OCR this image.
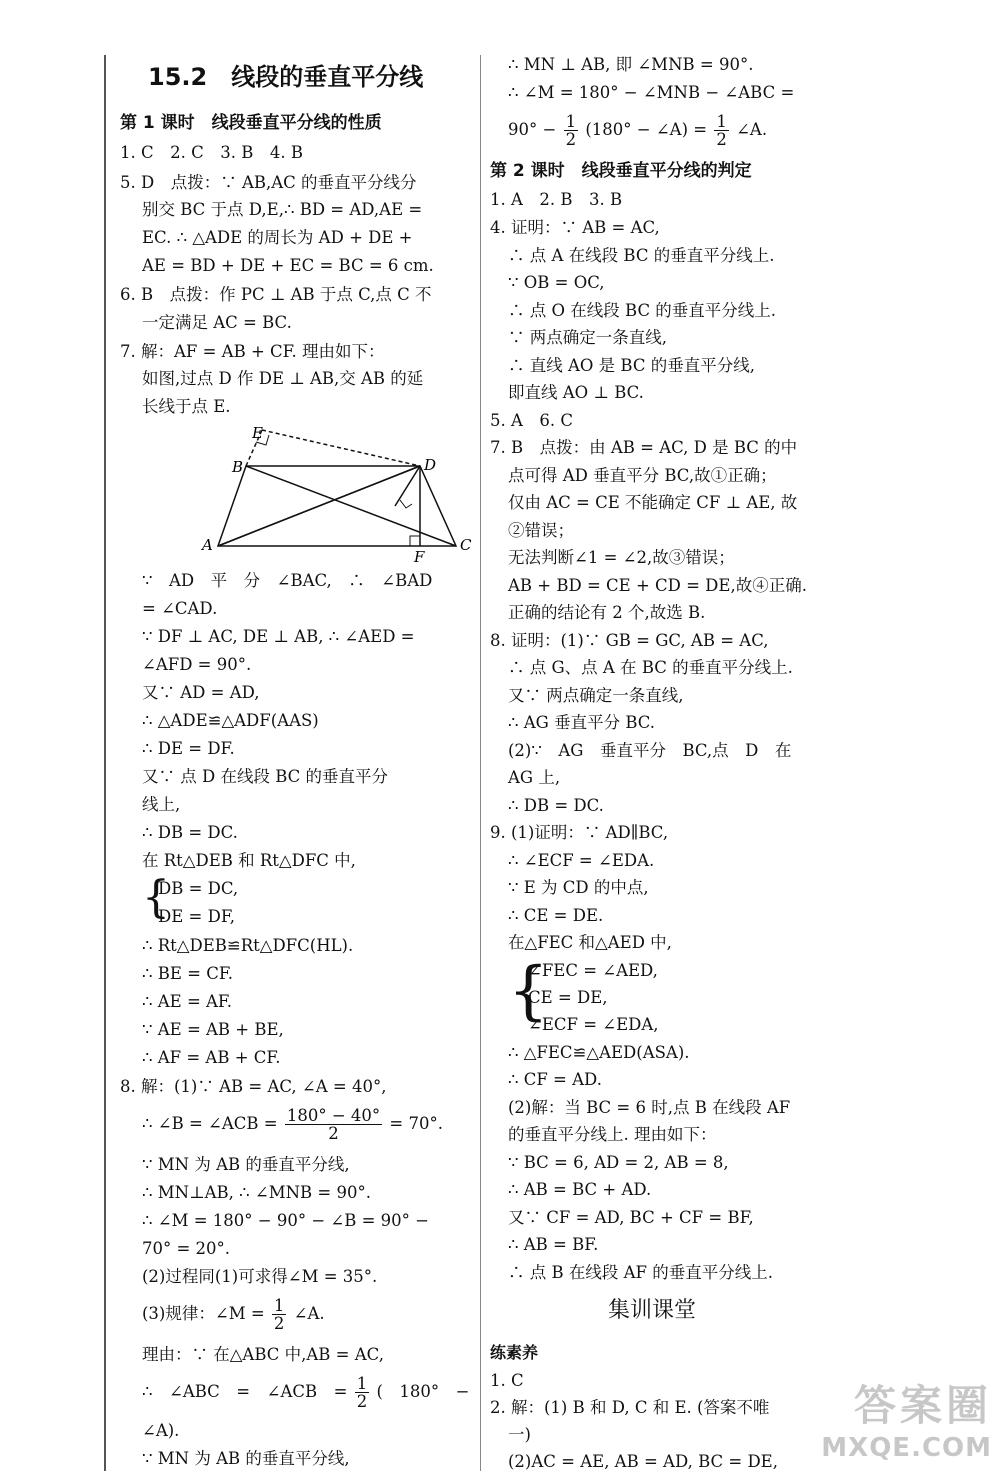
15.2　线段的垂直平分线
第 1 课时　线段垂直平分线的性质
1. C　2. C　3. B　4. B
5. D　点拨：∵ AB,AC 的垂直平分线分
别交 BC 于点 D,E,∴ BD = AD,AE =
EC. ∴ △ADE 的周长为 AD + DE +
AE = BD + DE + EC = BC = 6 cm.
6. B　点拨：作 PC ⊥ AB 于点 C,点 C 不
一定满足 AC = BC.
7. 解：AF = AB + CF. 理由如下：
如图,过点 D 作 DE ⊥ AB,交 AB 的延
长线于点 E.
E
B	D
A
F
C
∵　AD　平　分　∠BAC,　∴　∠BAD
= ∠CAD.
∵ DF ⊥ AC, DE ⊥ AB, ∴ ∠AED =
∠AFD = 90°.
又∵ AD = AD,
∴ △ADE≌△ADF(AAS)
∴ DE = DF.
又∵ 点 D 在线段 BC 的垂直平分
线上,
∴ DB = DC.
在 Rt△DEB 和 Rt△DFC 中,
{
DB = DC,
DE = DF,
∴ Rt△DEB≌Rt△DFC(HL).
∴ BE = CF.
∴ AE = AF.
∵ AE = AB + BE,
∴ AF = AB + CF.
8. 解：(1)∵ AB = AC, ∠A = 40°,
∴ ∠B = ∠ACB = $\frac{180^\circ - 40^\circ}{2} = 70^\circ$.
∵ MN 为 AB 的垂直平分线,
∴ MN⊥AB, ∴ ∠MNB = 90°.
∴ ∠M = 180° − 90° − ∠B = 90° −
70° = 20°.
(2)过程同(1)可求得∠M = 35°.
(3)规律：∠M = $\frac{1}{2}$ ∠A.
理由：∵ 在△ABC 中,AB = AC,
∴　∠ABC　=　∠ACB　= $\frac{1}{2}$ (　180°　−
∠A).
∵ MN 为 AB 的垂直平分线,
∴ MN ⊥ AB, 即 ∠MNB = 90°.
∴ ∠M = 180° − ∠MNB − ∠ABC =
$90^\circ - \frac{1}{2} (180^\circ$ − ∠A) = $\frac{1}{2}$ ∠A.
第 2 课时　线段垂直平分线的判定
1. A　2. B　3. B
4. 证明：∵ AB = AC,
∴ 点 A 在线段 BC 的垂直平分线上.
∵ OB = OC,
∴ 点 O 在线段 BC 的垂直平分线上.
∵ 两点确定一条直线,
∴ 直线 AO 是 BC 的垂直平分线,
即直线 AO ⊥ BC.
5. A　6. C
7. B　点拨：由 AB = AC, D 是 BC 的中
点可得 AD 垂直平分 BC,故①正确；
仅由 AC = CE 不能确定 CF ⊥ AE, 故
②错误；
无法判断∠1 = ∠2,故③错误；
AB + BD = CE + CD = DE,故④正确.
正确的结论有 2 个,故选 B.
8. 证明：(1)∵ GB = GC, AB = AC,
∴ 点 G、点 A 在 BC 的垂直平分线上.
又∵ 两点确定一条直线,
∴ AG 垂直平分 BC.
(2)∵　AG　垂直平分　BC,点　D　在
AG 上,
∴ DB = DC.
9. (1)证明：∵ AD∥BC,
∴ ∠ECF = ∠EDA.
∵ E 为 CD 的中点,
∴ CE = DE.
在△FEC 和△AED 中,
{
∠FEC = ∠AED,
CE = DE,
∠ECF = ∠EDA,
∴ △FEC≌△AED(ASA).
∴ CF = AD.
(2)解：当 BC = 6 时,点 B 在线段 AF
的垂直平分线上. 理由如下：
∵ BC = 6, AD = 2, AB = 8,
∴ AB = BC + AD.
又∵ CF = AD, BC + CF = BF,
∴ AB = BF.
∴ 点 B 在线段 AF 的垂直平分线上.
集训课堂
练素养
1. C
2. 解：(1) B 和 D, C 和 E. (答案不唯
一)
(2)AC = AE, AB = AD, BC = DE,
答案圈
MXQE.COM
